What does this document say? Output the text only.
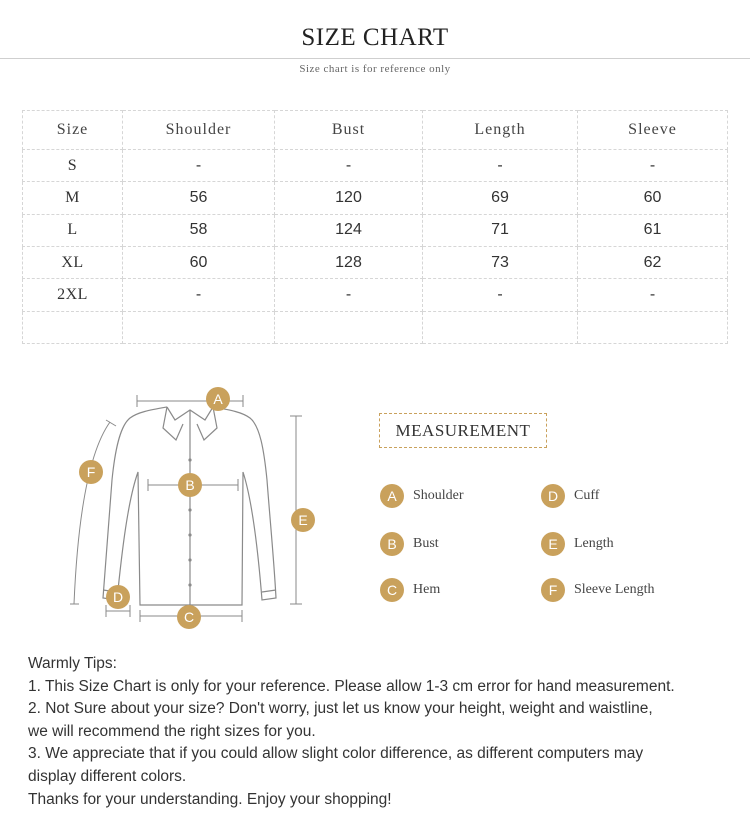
SIZE CHART
Size chart is for reference only
Size	Shoulder	Bust	Length	Sleeve
S	-	-	-	-
M	56	120	69	60
L	58	124	71	61
XL	60	128	73	62
2XL	-	-	-	-

A
B
C
D
E
F
MEASUREMENT
A	Shoulder
B	Bust
C	Hem
D	Cuff
E	Length
F	Sleeve Length
Warmly Tips:
1. This Size Chart is only for your reference. Please allow 1-3 cm error for hand measurement.
2. Not Sure about your size? Don't worry, just let us know your height, weight and waistline,
we will recommend the right sizes for you.
3. We appreciate that if you could allow slight color difference, as different computers may
display different colors.
Thanks for your understanding. Enjoy your shopping!
